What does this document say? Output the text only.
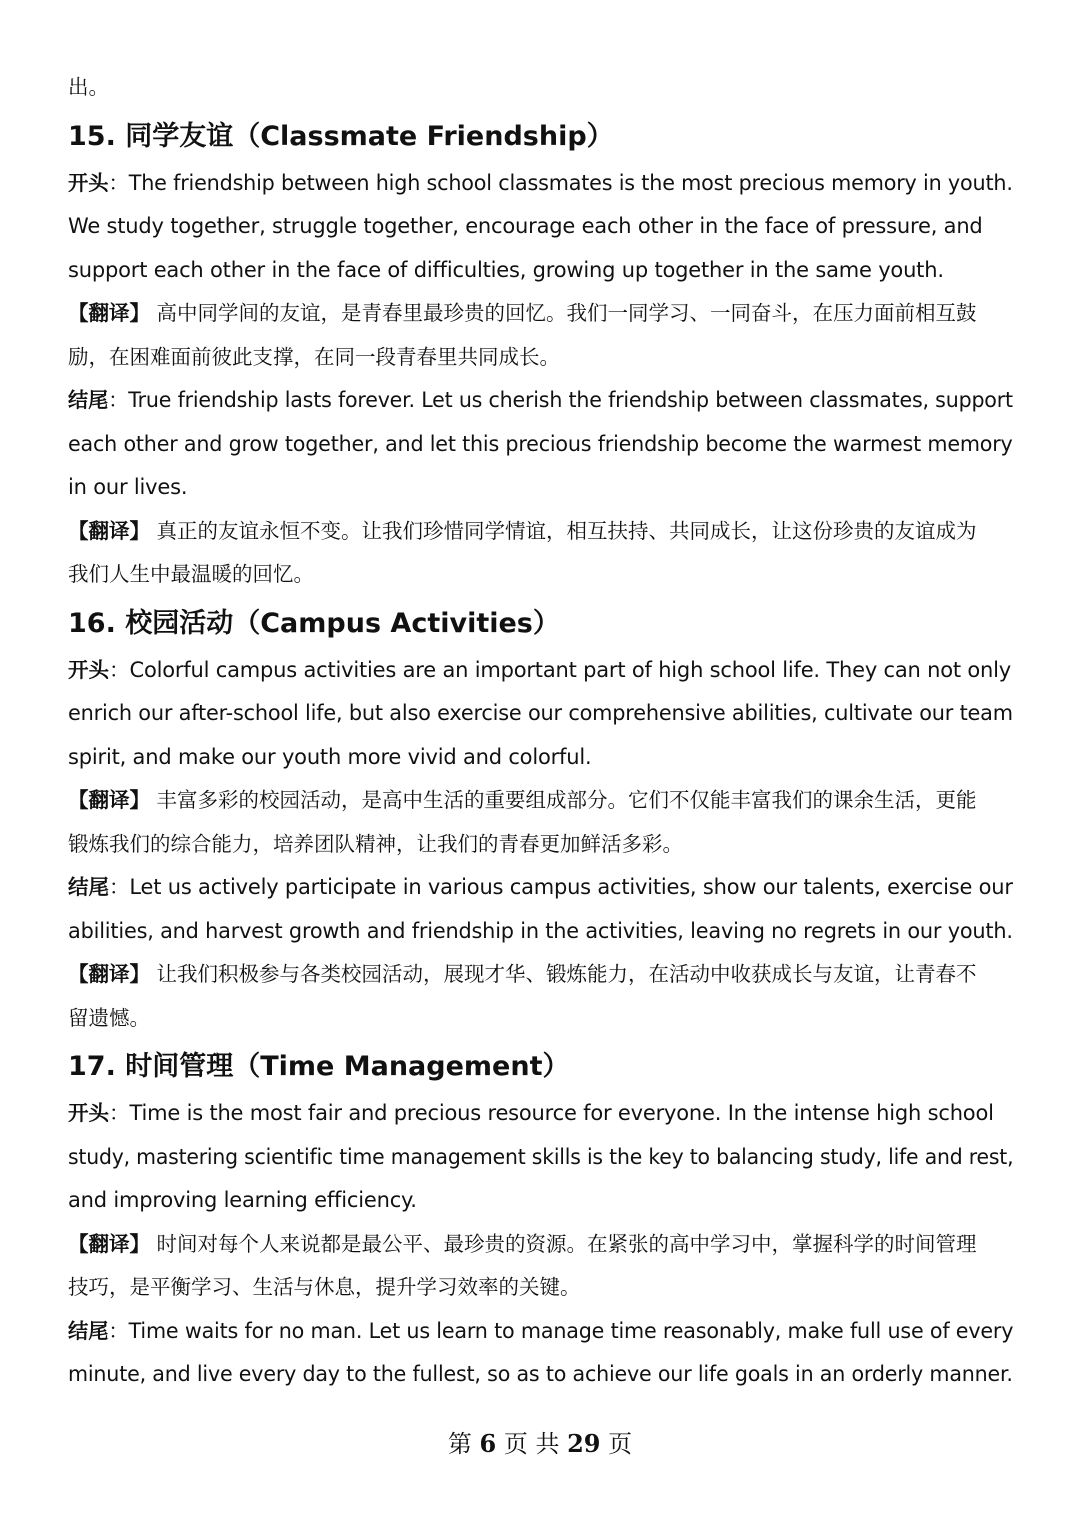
出。
15. 同学友谊（Classmate Friendship）
开头：The friendship between high school classmates is the most precious memory in youth.
We study together, struggle together, encourage each other in the face of pressure, and
support each other in the face of difficulties, growing up together in the same youth.
【翻译】 高中同学间的友谊，是青春里最珍贵的回忆。我们一同学习、一同奋斗，在压力面前相互鼓
励，在困难面前彼此支撑，在同一段青春里共同成长。
结尾：True friendship lasts forever. Let us cherish the friendship between classmates, support
each other and grow together, and let this precious friendship become the warmest memory
in our lives.
【翻译】 真正的友谊永恒不变。让我们珍惜同学情谊，相互扶持、共同成长，让这份珍贵的友谊成为
我们人生中最温暖的回忆。
16. 校园活动（Campus Activities）
开头：Colorful campus activities are an important part of high school life. They can not only
enrich our after-school life, but also exercise our comprehensive abilities, cultivate our team
spirit, and make our youth more vivid and colorful.
【翻译】 丰富多彩的校园活动，是高中生活的重要组成部分。它们不仅能丰富我们的课余生活，更能
锻炼我们的综合能力，培养团队精神，让我们的青春更加鲜活多彩。
结尾：Let us actively participate in various campus activities, show our talents, exercise our
abilities, and harvest growth and friendship in the activities, leaving no regrets in our youth.
【翻译】 让我们积极参与各类校园活动，展现才华、锻炼能力，在活动中收获成长与友谊，让青春不
留遗憾。
17. 时间管理（Time Management）
开头：Time is the most fair and precious resource for everyone. In the intense high school
study, mastering scientific time management skills is the key to balancing study, life and rest,
and improving learning efficiency.
【翻译】 时间对每个人来说都是最公平、最珍贵的资源。在紧张的高中学习中，掌握科学的时间管理
技巧，是平衡学习、生活与休息，提升学习效率的关键。
结尾：Time waits for no man. Let us learn to manage time reasonably, make full use of every
minute, and live every day to the fullest, so as to achieve our life goals in an orderly manner.
第 6 页 共 29 页
